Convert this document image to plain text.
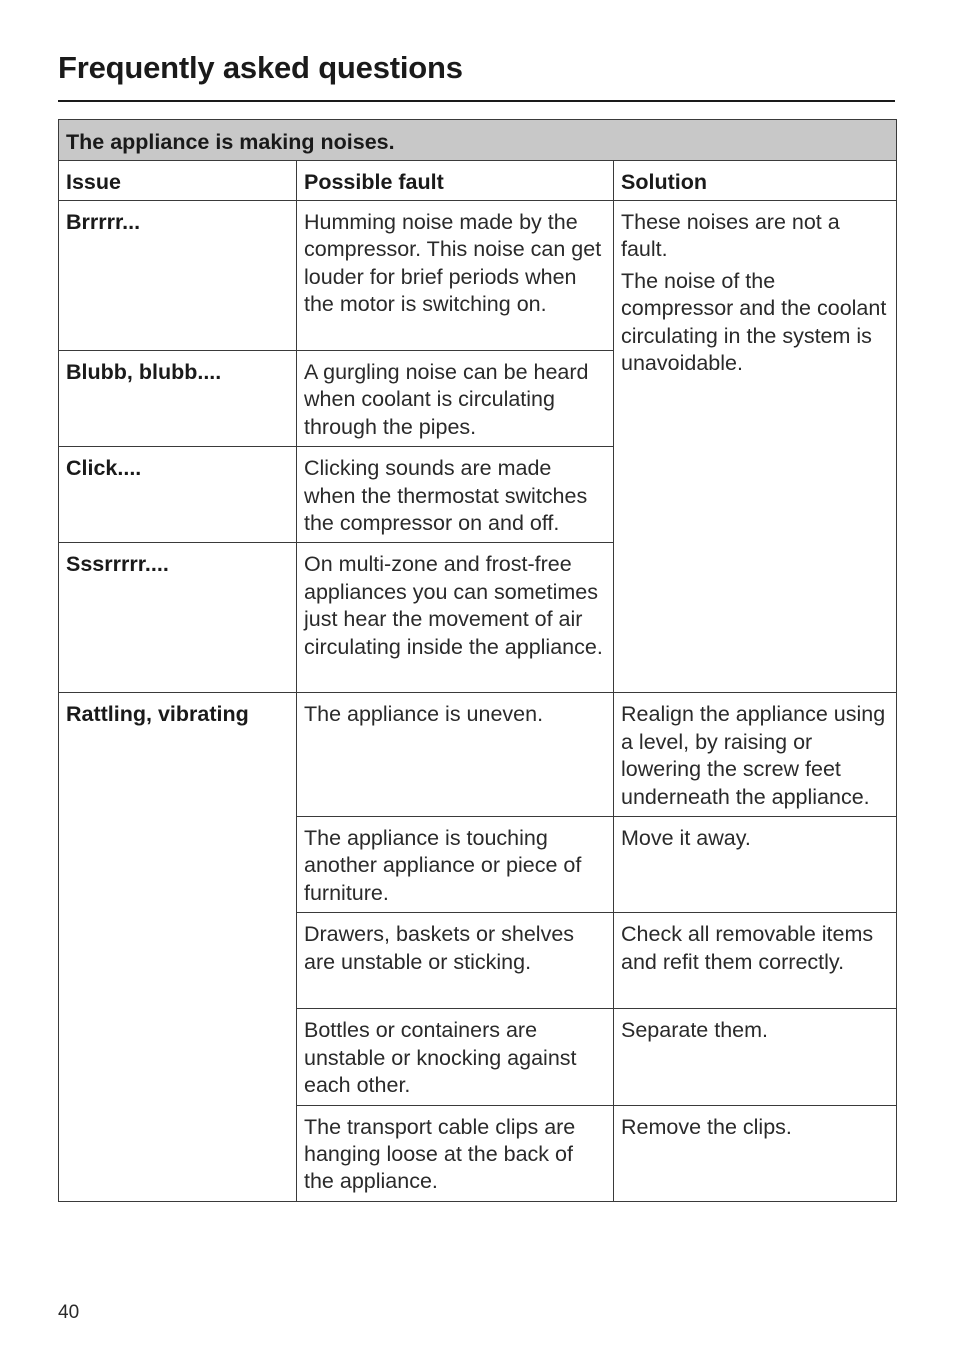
Frequently asked questions
The appliance is making noises.		
Issue	Possible fault	Solution
Brrrrr...	Humming noise made by the compressor. This noise can get louder for brief periods when the motor is switching on.	These noises are not a fault.
The noise of the compressor and the coolant circulating in the system is unavoidable.

Blubb, blubb....	A gurgling noise can be heard when coolant is circulating through the pipes.	
Click....	Clicking sounds are made when the thermostat switches the compressor on and off.	
Sssrrrrr....	On multi-zone and frost-free appliances you can sometimes just hear the movement of air circulating inside the appliance.	
Rattling, vibrating	The appliance is uneven.	Realign the appliance using a level, by raising or lowering the screw feet underneath the appliance.
	The appliance is touching another appliance or piece of furniture.	Move it away.
	Drawers, baskets or shelves are unstable or sticking.	Check all removable items and refit them correctly.
	Bottles or containers are unstable or knocking against each other.	Separate them.
	The transport cable clips are hanging loose at the back of the appliance.	Remove the clips.
40
